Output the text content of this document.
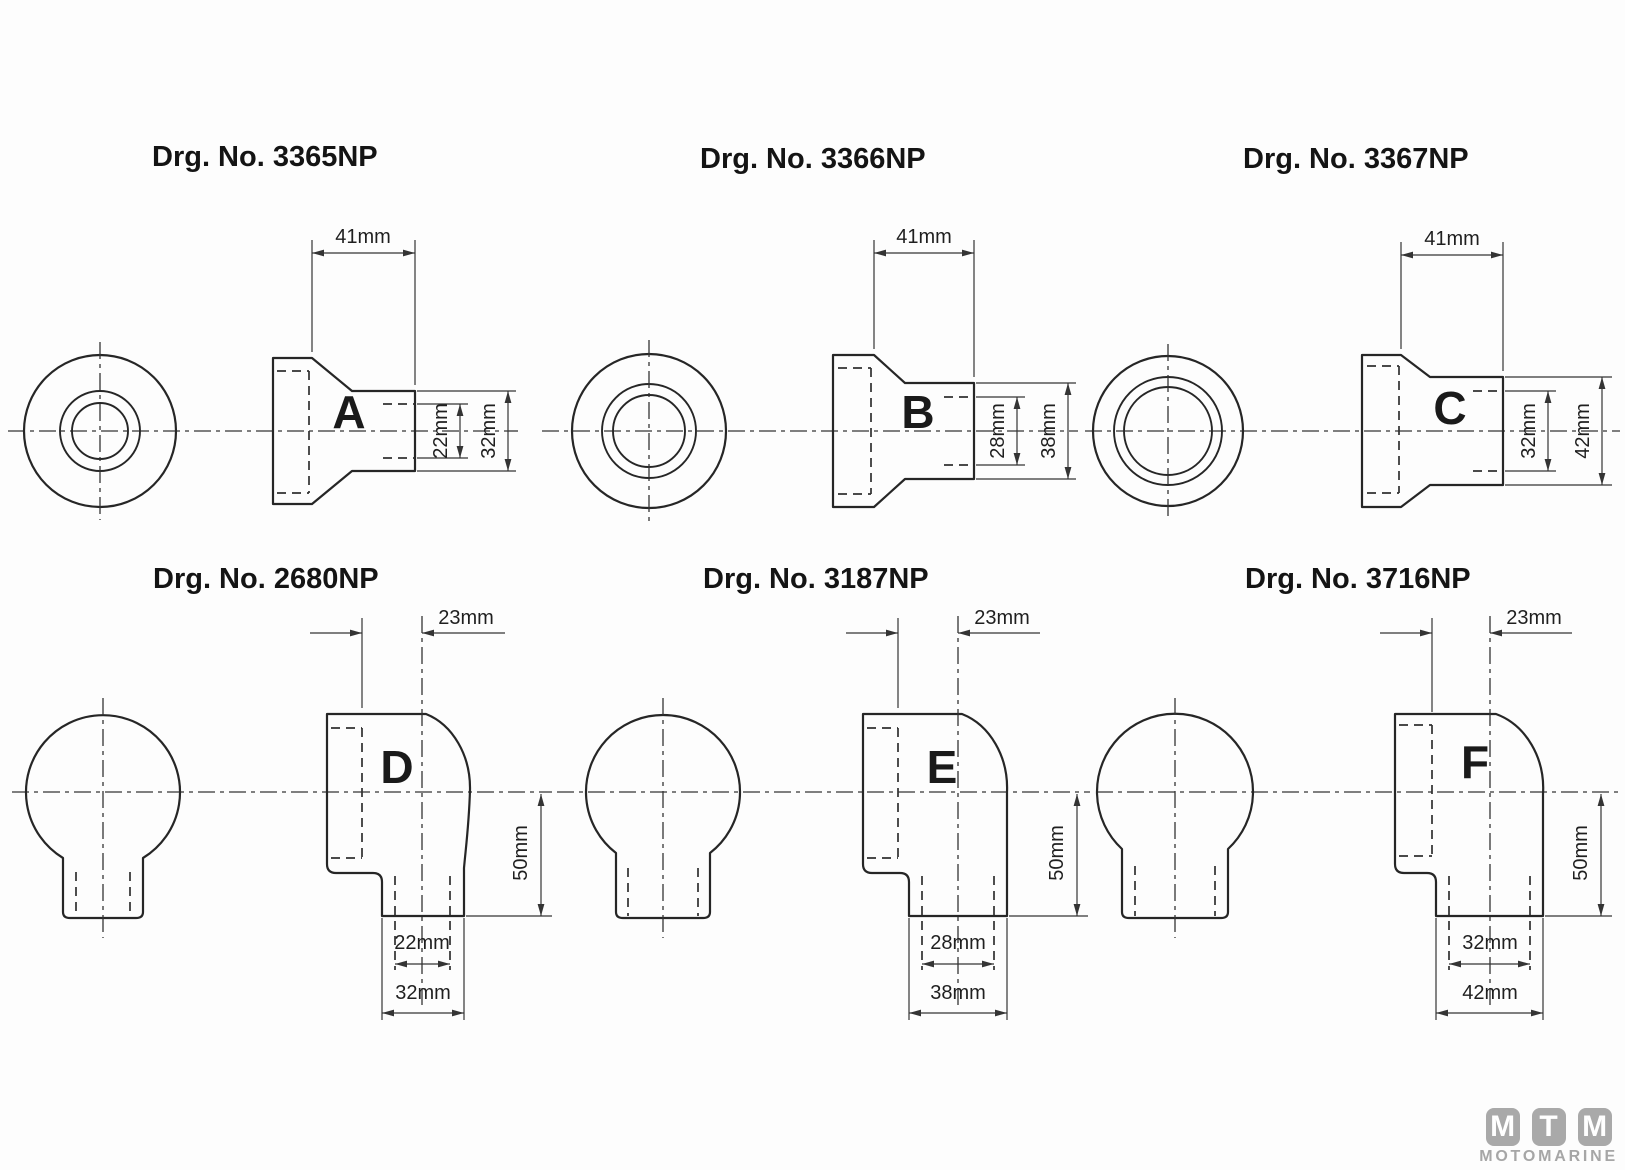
Drg. No. 3365NP
41mm
22mm 32mm
A
Drg. No. 3366NP
41mm
28mm 38mm
B
Drg. No. 3367NP
41mm
32mm 42mm
C
Drg. No. 2680NP
23mm
50mm
22mm
32mm
D
Drg. No. 3187NP
23mm
50mm
28mm
38mm
E
Drg. No. 3716NP
23mm
50mm
32mm
42mm
F
M T M
MOTOMARINE
